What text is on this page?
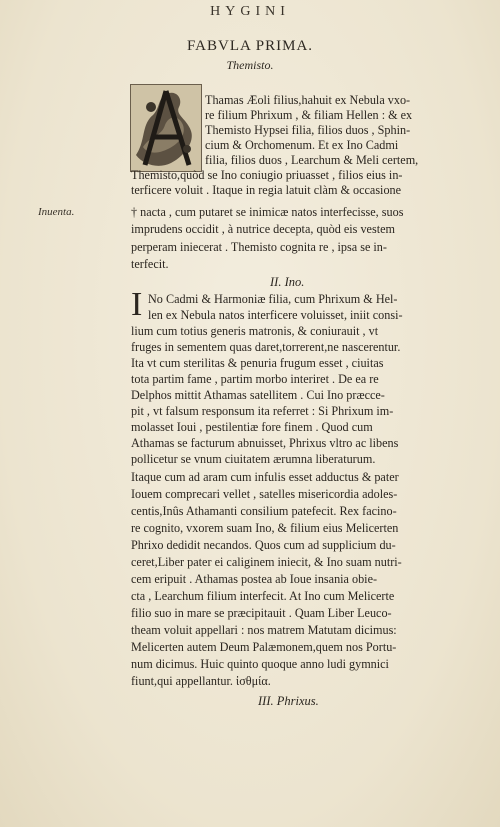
HYGINI
FABVLA PRIMA.
Themisto.
Inuenta.
Thamas Æoli filius,hahuit ex Nebula vxo-
re filium Phrixum , & filiam Hellen : & ex
Themisto Hypsei filia, filios duos , Sphin-
cium & Orchomenum. Et ex Ino Cadmi
filia, filios duos , Learchum & Meli certem,
Themisto,quòd se Ino coniugio priuasset , filios eius in-
terficere voluit . Itaque in regia latuit clàm & occasione
† nacta , cum putaret se inimicæ natos interfecisse, suos
imprudens occidit , à nutrice decepta, quòd eis vestem
perperam iniecerat . Themisto cognita re , ipsa se in-
terfecit.
II. Ino.
I No Cadmi & Harmoniæ filia, cum Phrixum & Hel-
len ex Nebula natos interficere voluisset, iniit consi-
lium cum totius generis matronis, & coniurauit , vt
fruges in sementem quas daret,torrerent,ne nascerentur.
Ita vt cum sterilitas & penuria frugum esset , ciuitas
tota partim fame , partim morbo interiret . De ea re
Delphos mittit Athamas satellitem . Cui Ino præcce-
pit , vt falsum responsum ita referret : Si Phrixum im-
molasset Ioui , pestilentiæ fore finem . Quod cum
Athamas se facturum abnuisset, Phrixus vltro ac libens
pollicetur se vnum ciuitatem ærumna liberaturum.
Itaque cum ad aram cum infulis esset adductus & pater
Iouem comprecari vellet , satelles misericordia adoles-
centis,Inûs Athamanti consilium patefecit. Rex facino-
re cognito, vxorem suam Ino, & filium eius Melicerten
Phrixo dedidit necandos. Quos cum ad supplicium du-
ceret,Liber pater ei caliginem iniecit, & Ino suam nutri-
cem eripuit . Athamas postea ab Ioue insania obie-
cta , Learchum filium interfecit. At Ino cum Melicerte
filio suo in mare se præcipitauit . Quam Liber Leuco-
theam voluit appellari : nos matrem Matutam dicimus:
Melicerten autem Deum Palæmonem,quem nos Portu-
num dicimus. Huic quinto quoque anno ludi gymnici
fiunt,qui appellantur. ἰσθμία.
III. Phrixus.
